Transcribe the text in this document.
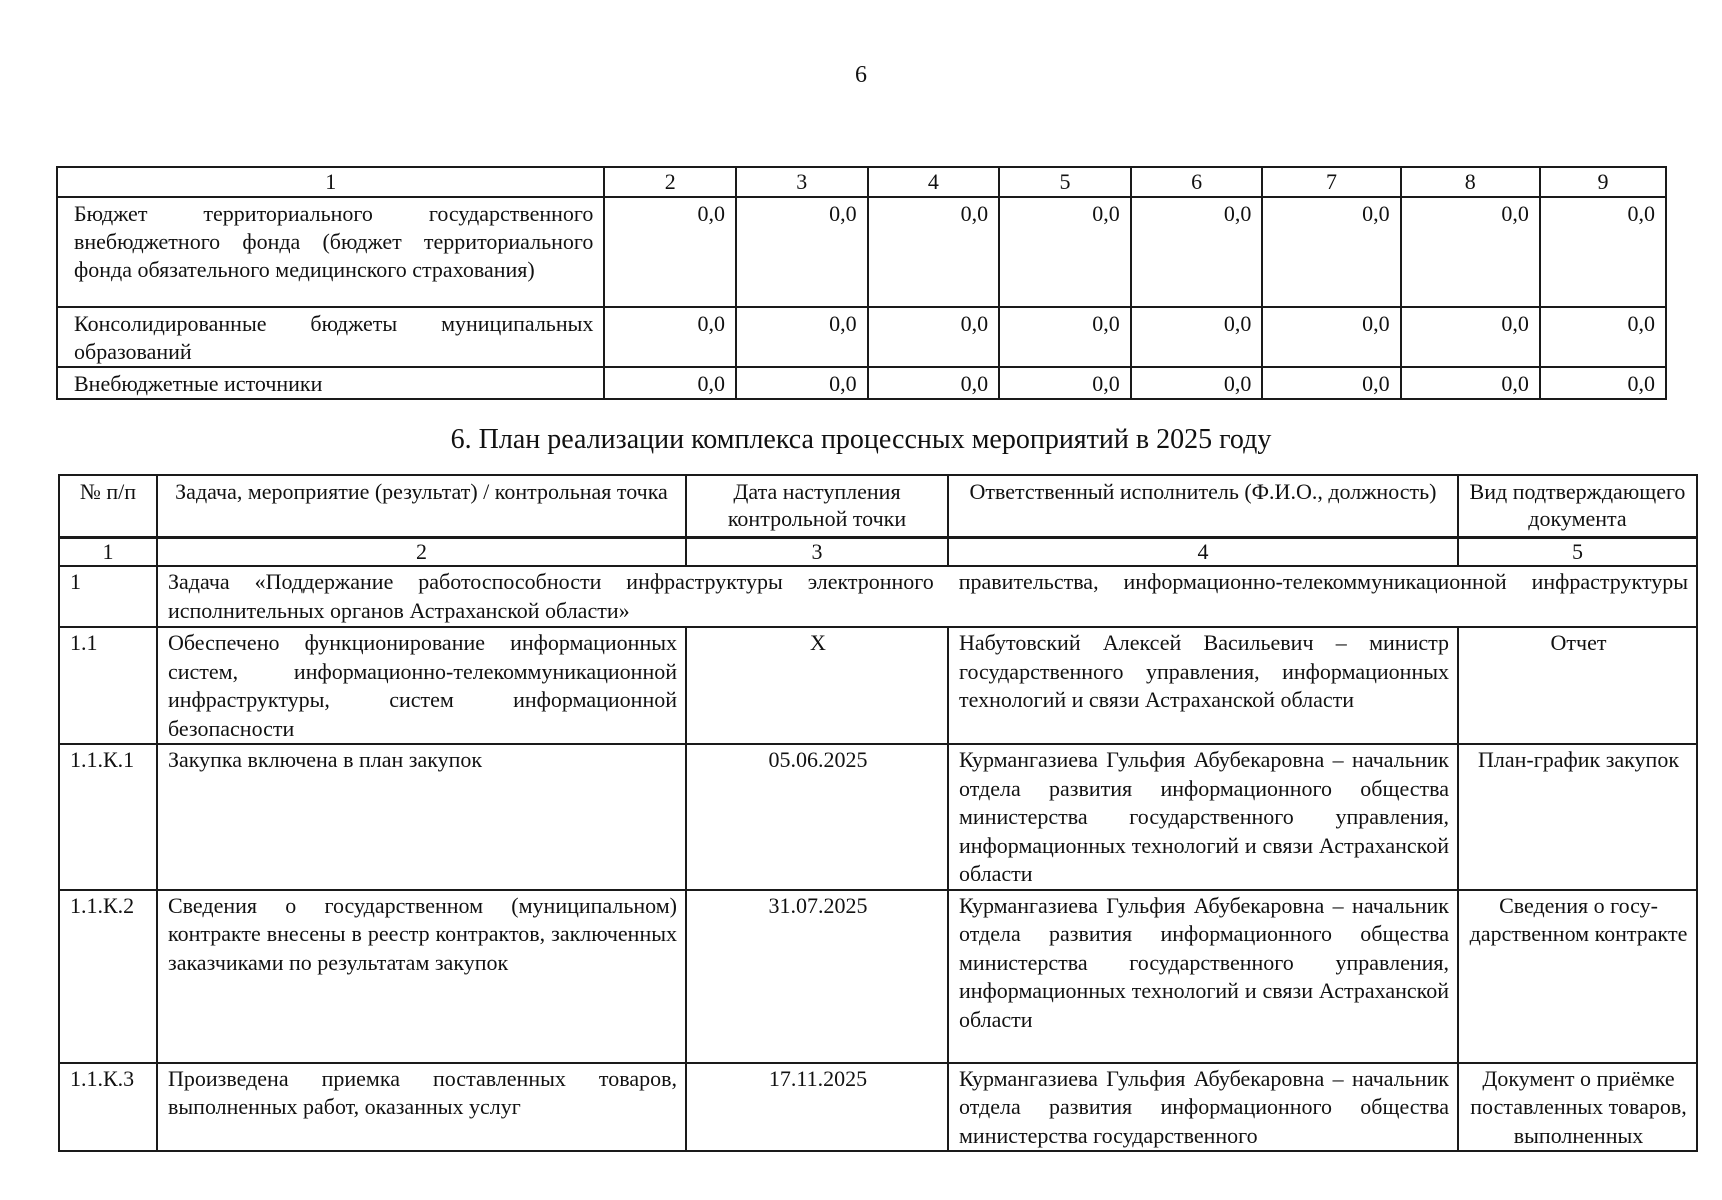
6
1	2	3	4	5	6	7	8	9
Бюджет территориального государственного внебюджетного фонда (бюджет территориального фонда обязательного медицинского страхования)	0,0	0,0	0,0	0,0	0,0	0,0	0,0	0,0
Консолидированные бюджеты муниципальных образований	0,0	0,0	0,0	0,0	0,0	0,0	0,0	0,0
Внебюджетные источники	0,0	0,0	0,0	0,0	0,0	0,0	0,0	0,0
6. План реализации комплекса процессных мероприятий в 2025 году
№ п/п	Задача, мероприятие (результат) / контрольная точка	Дата наступления контрольной точки	Ответственный исполнитель (Ф.И.О., должность)	Вид подтверждающего документа
1	2	3	4	5
1	Задача «Поддержание работоспособности инфраструктуры электронного правительства, информационно-телекоммуникационной инфраструктуры исполнительных органов Астраханской области»			
1.1	Обеспечено функционирование информационных систем, информационно-телекоммуникационной инфраструктуры, систем информационной безопасности	X	Набутовский Алексей Васильевич – министр государственного управления, информационных технологий и связи Астраханской области	Отчет
1.1.К.1	Закупка включена в план закупок	05.06.2025	Курмангазиева Гульфия Абубекаровна – начальник отдела развития информационного общества министерства государственного управления, информационных технологий и связи Астраханской области	План-график закупок
1.1.К.2	Сведения о государственном (муниципальном) контракте внесены в реестр контрактов, заключенных заказчиками по результатам закупок	31.07.2025	Курмангазиева Гульфия Абубекаровна – начальник отдела развития информационного общества министерства государственного управления, информационных технологий и связи Астраханской области	Сведения о государственном контракте
1.1.К.3	Произведена приемка поставленных товаров, выполненных работ, оказанных услуг	17.11.2025	Курмангазиева Гульфия Абубекаровна – начальник отдела развития информационного общества министерства государственного	Документ о приёмке поставленных товаров, выполненных
